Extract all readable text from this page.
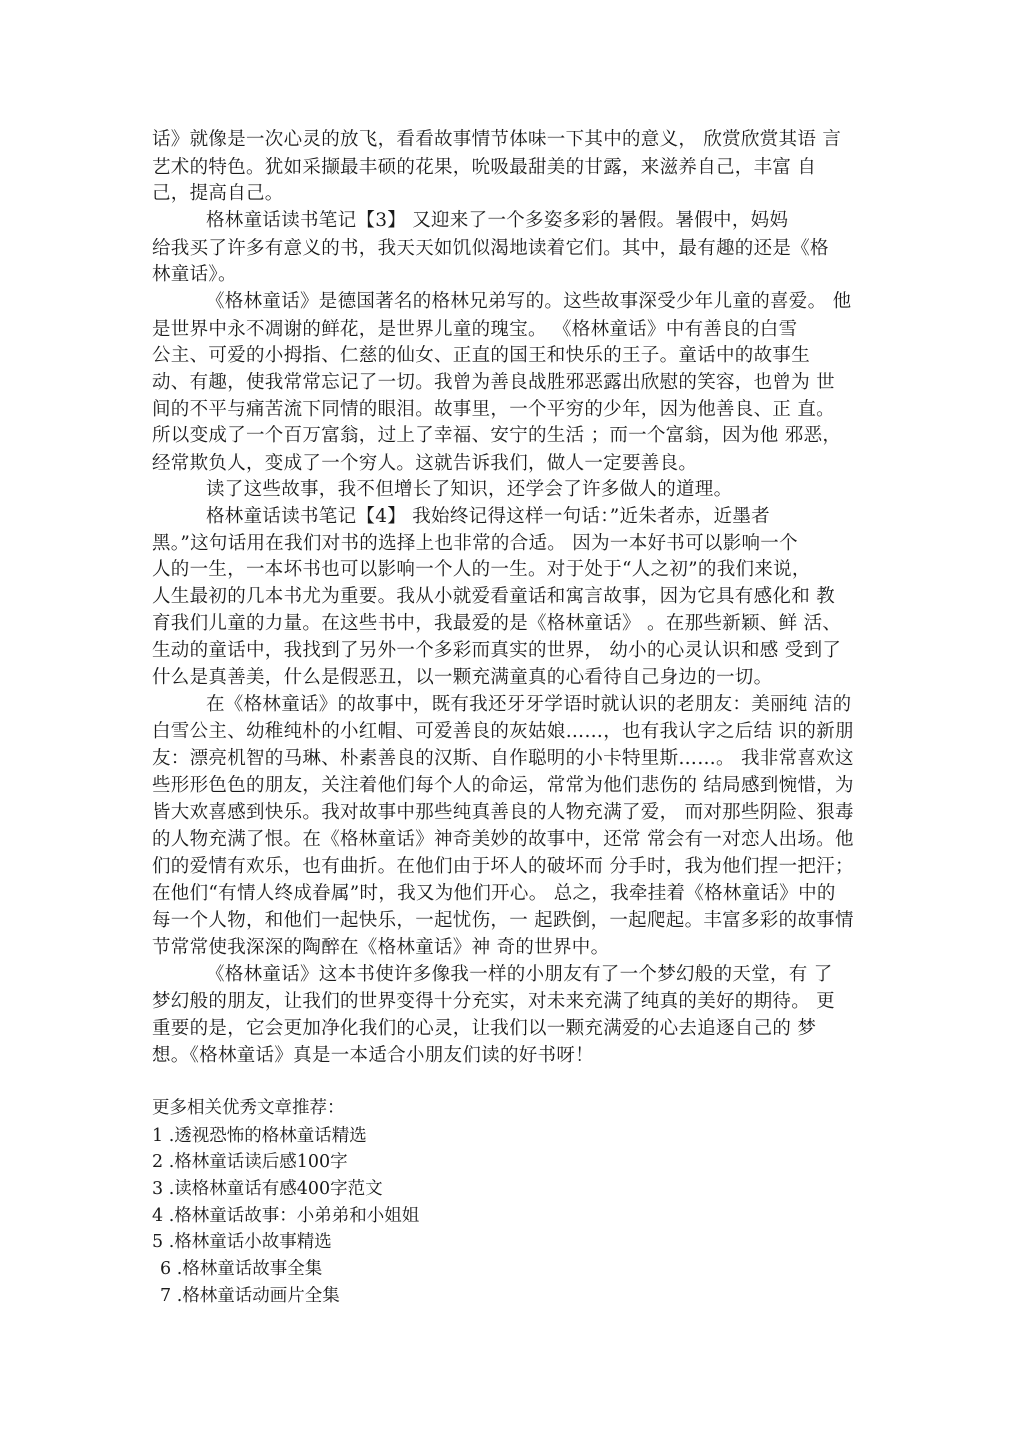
话》就像是一次心灵的放飞，看看故事情节体味一下其中的意义， 欣赏欣赏其语 言
艺术的特色。犹如采撷最丰硕的花果，吮吸最甜美的甘露，来滋养自己，丰富 自
己，提高自己。
格林童话读书笔记【3】 又迎来了一个多姿多彩的暑假。暑假中，妈妈
给我买了许多有意义的书，我天天如饥似渴地读着它们。其中，最有趣的还是《格
林童话》。
《格林童话》是德国著名的格林兄弟写的。这些故事深受少年儿童的喜爱。 他
是世界中永不凋谢的鲜花，是世界儿童的瑰宝。 《格林童话》中有善良的白雪
公主、可爱的小拇指、仁慈的仙女、正直的国王和快乐的王子。童话中的故事生
动、有趣，使我常常忘记了一切。我曾为善良战胜邪恶露出欣慰的笑容，也曾为 世
间的不平与痛苦流下同情的眼泪。故事里，一个平穷的少年，因为他善良、正 直。
所以变成了一个百万富翁，过上了幸福、安宁的生活 ；而一个富翁，因为他 邪恶，
经常欺负人，变成了一个穷人。这就告诉我们，做人一定要善良。
读了这些故事，我不但增长了知识，还学会了许多做人的道理。
格林童话读书笔记【4】 我始终记得这样一句话：”近朱者赤，近墨者
黑。”这句话用在我们对书的选择上也非常的合适。 因为一本好书可以影响一个
人的一生，一本坏书也可以影响一个人的一生。对于处于“人之初”的我们来说，
人生最初的几本书尤为重要。我从小就爱看童话和寓言故事，因为它具有感化和 教
育我们儿童的力量。在这些书中，我最爱的是《格林童话》 。在那些新颖、鲜 活、
生动的童话中，我找到了另外一个多彩而真实的世界， 幼小的心灵认识和感 受到了
什么是真善美，什么是假恶丑，以一颗充满童真的心看待自己身边的一切。
在《格林童话》的故事中，既有我还牙牙学语时就认识的老朋友：美丽纯 洁的
白雪公主、幼稚纯朴的小红帽、可爱善良的灰姑娘……，也有我认字之后结 识的新朋
友：漂亮机智的马琳、朴素善良的汉斯、自作聪明的小卡特里斯……。 我非常喜欢这
些形形色色的朋友，关注着他们每个人的命运，常常为他们悲伤的 结局感到惋惜，为
皆大欢喜感到快乐。我对故事中那些纯真善良的人物充满了爱， 而对那些阴险、狠毒
的人物充满了恨。在《格林童话》神奇美妙的故事中，还常 常会有一对恋人出场。他
们的爱情有欢乐，也有曲折。在他们由于坏人的破坏而 分手时，我为他们捏一把汗；
在他们“有情人终成眷属”时，我又为他们开心。 总之，我牵挂着《格林童话》中的
每一个人物，和他们一起快乐，一起忧伤，一 起跌倒，一起爬起。丰富多彩的故事情
节常常使我深深的陶醉在《格林童话》神 奇的世界中。
《格林童话》这本书使许多像我一样的小朋友有了一个梦幻般的天堂，有 了
梦幻般的朋友，让我们的世界变得十分充实，对未来充满了纯真的美好的期待。 更
重要的是，它会更加净化我们的心灵，让我们以一颗充满爱的心去追逐自己的 梦
想。《格林童话》真是一本适合小朋友们读的好书呀！
更多相关优秀文章推荐：
1 .透视恐怖的格林童话精选
2 .格林童话读后感100字
3 .读格林童话有感400字范文
4 .格林童话故事：小弟弟和小姐姐
5 .格林童话小故事精选
6 .格林童话故事全集
7 .格林童话动画片全集
